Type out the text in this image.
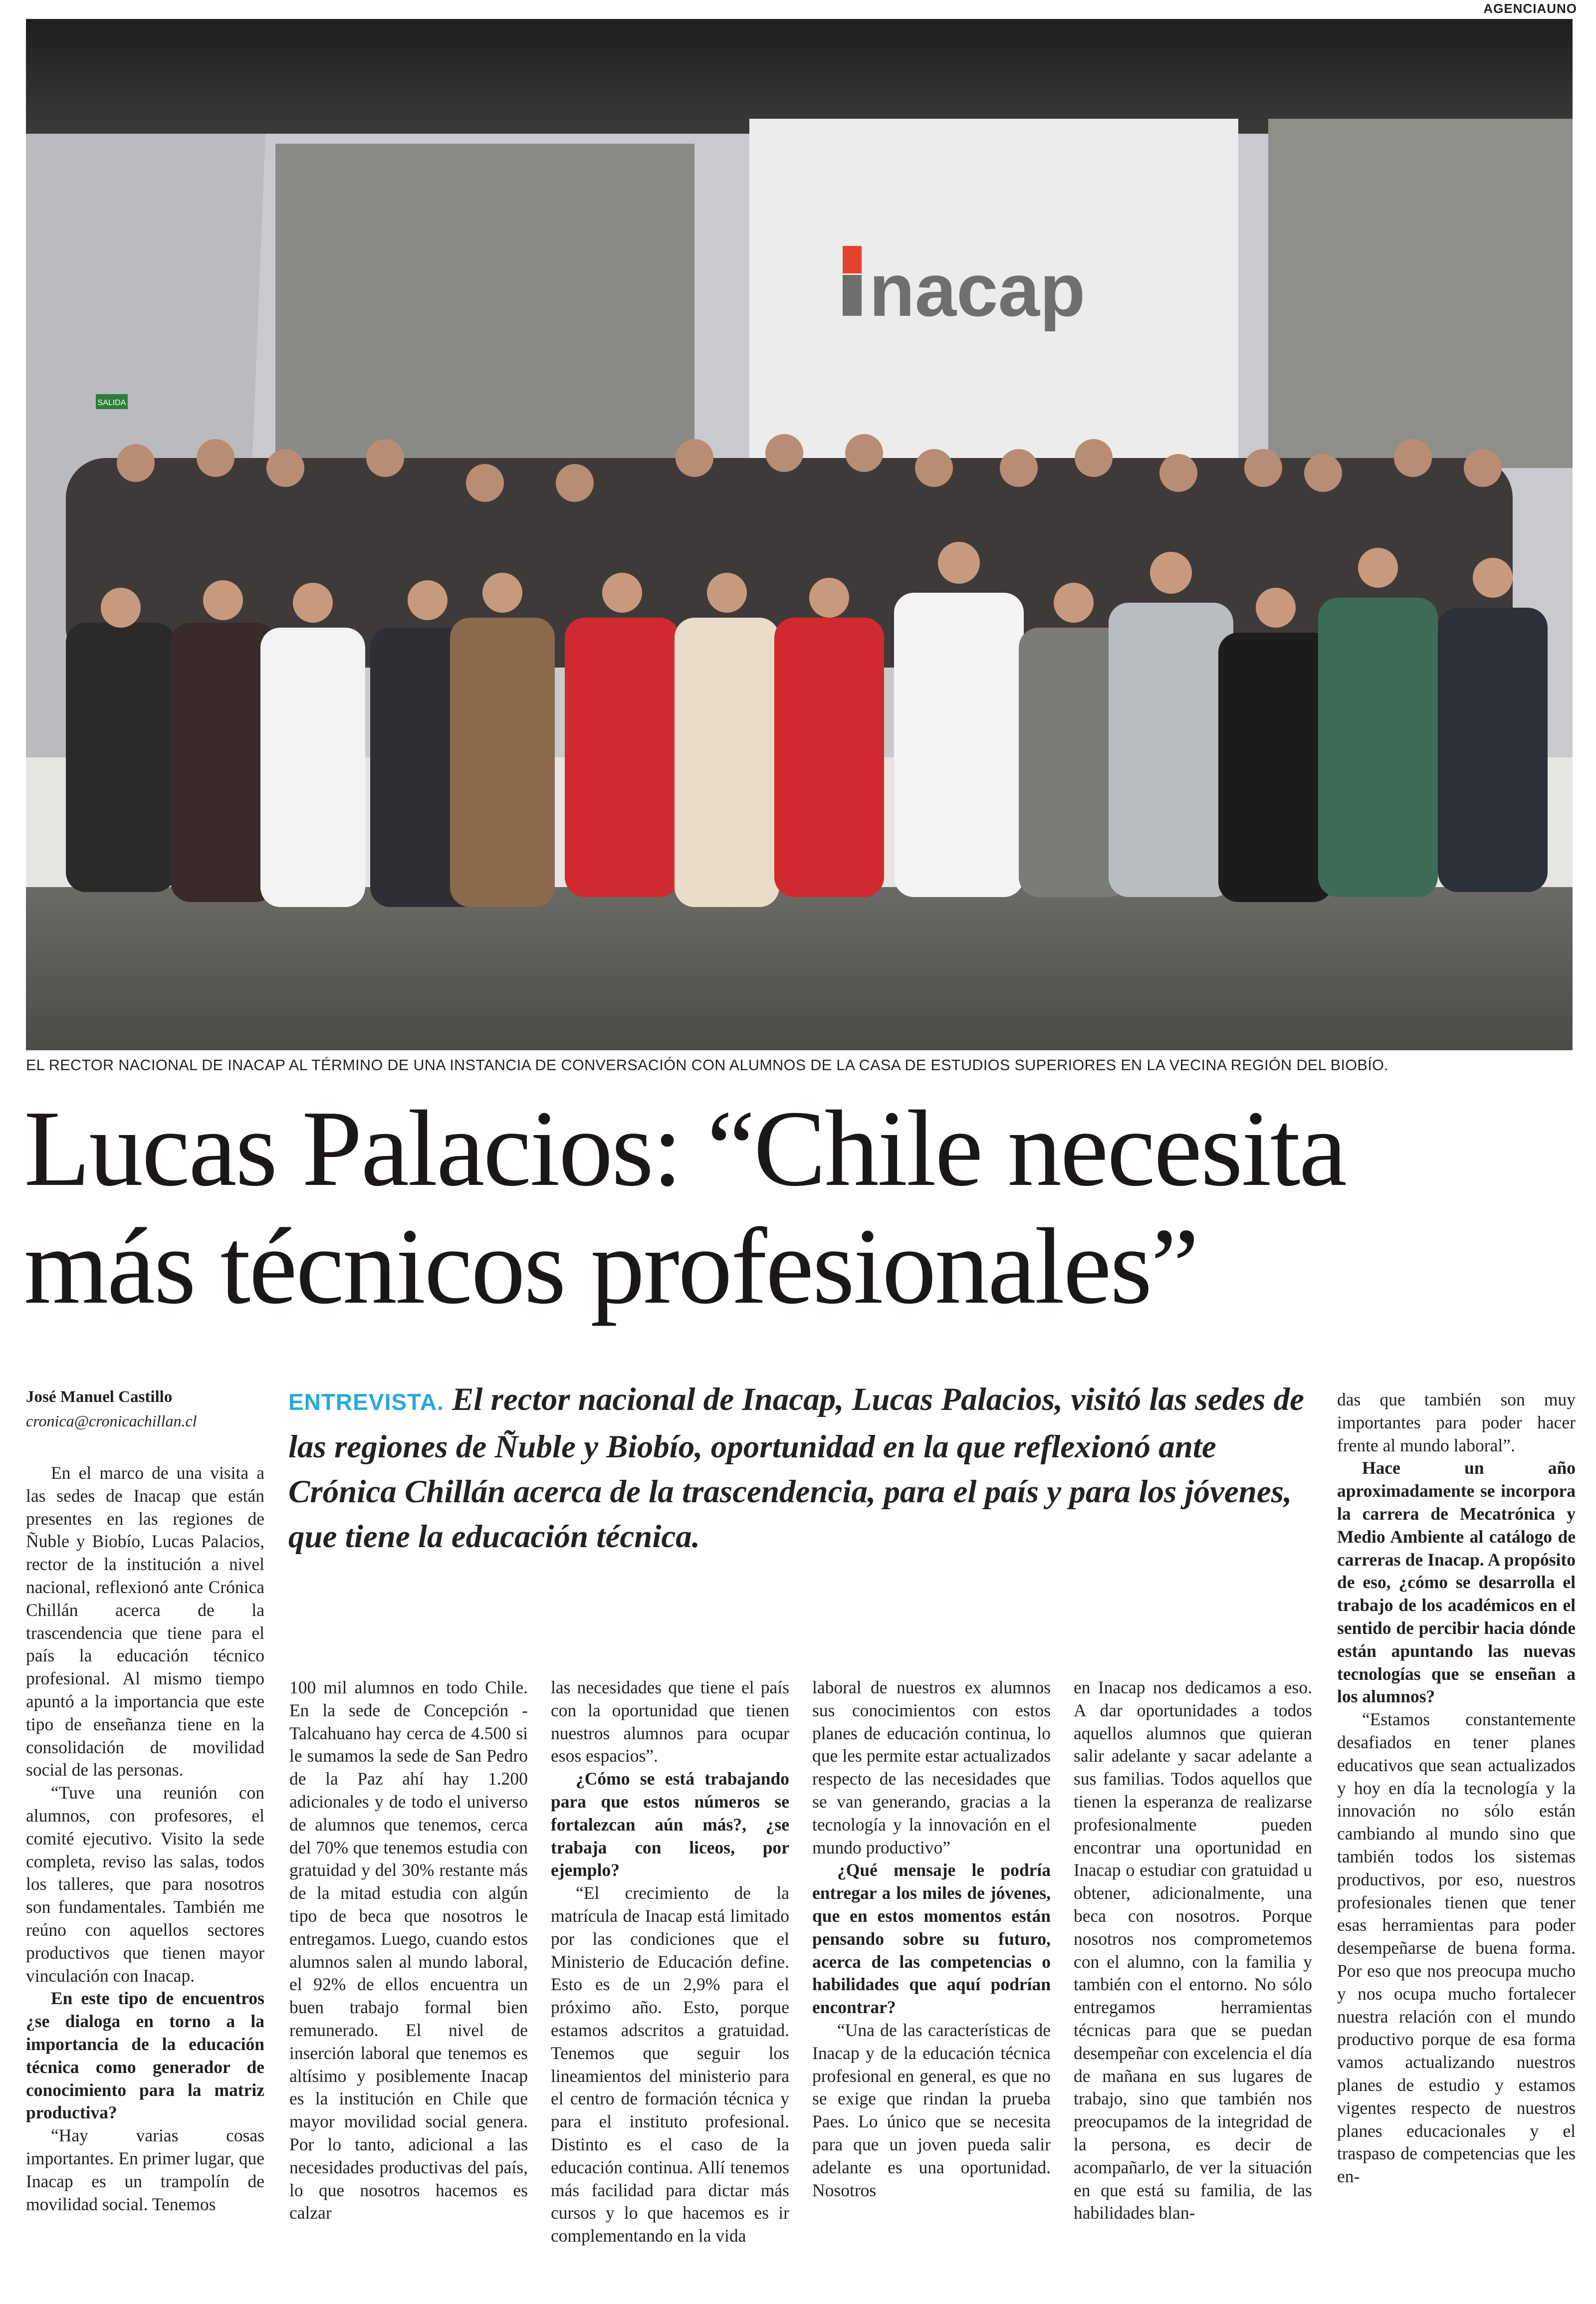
AGENCIAUNO
nacap
SALIDA
EL RECTOR NACIONAL DE INACAP AL TÉRMINO DE UNA INSTANCIA DE CONVERSACIÓN CON ALUMNOS DE LA CASA DE ESTUDIOS SUPERIORES EN LA VECINA REGIÓN DEL BIOBÍO.
Lucas Palacios: “Chile necesita
más técnicos profesionales”
José Manuel Castillo
cronica@cronicachillan.cl
ENTREVISTA. El rector nacional de Inacap, Lucas Palacios, visitó las sedes de las regiones de Ñuble y Biobío, oportunidad en la que reflexionó ante Crónica Chillán acerca de la trascendencia, para el país y para los jóvenes, que tiene la educación técnica.

En el marco de una visita a las sedes de Inacap que están presentes en las regiones de Ñuble y Biobío, Lucas Palacios, rector de la institución a nivel nacional, reflexionó ante Crónica Chillán acerca de la trascendencia que tiene para el país la educación técnico profesional. Al mismo tiempo apuntó a la importancia que este tipo de enseñanza tiene en la consolidación de movilidad social de las personas.

“Tuve una reunión con alumnos, con profesores, el comité ejecutivo. Visito la sede completa, reviso las salas, todos los talleres, que para nosotros son fundamentales. También me reúno con aquellos sectores productivos que tienen mayor vinculación con Inacap.

En este tipo de encuentros ¿se dialoga en torno a la importancia de la educación técnica como generador de conocimiento para la matriz productiva?

“Hay varias cosas importantes. En primer lugar, que Inacap es un trampolín de movilidad social. Tenemos

100 mil alumnos en todo Chile. En la sede de Concepción - Talcahuano hay cerca de 4.500 si le sumamos la sede de San Pedro de la Paz ahí hay 1.200 adicionales y de todo el universo de alumnos que tenemos, cerca del 70% que tenemos estudia con gratuidad y del 30% restante más de la mitad estudia con algún tipo de beca que nosotros le entregamos. Luego, cuando estos alumnos salen al mundo laboral, el 92% de ellos encuentra un buen trabajo formal bien remunerado. El nivel de inserción laboral que tenemos es altísimo y posiblemente Inacap es la institución en Chile que mayor movilidad social genera. Por lo tanto, adicional a las necesidades productivas del país, lo que nosotros hacemos es calzar

las necesidades que tiene el país con la oportunidad que tienen nuestros alumnos para ocupar esos espacios”.

¿Cómo se está trabajando para que estos números se fortalezcan aún más?, ¿se trabaja con liceos, por ejemplo?

“El crecimiento de la matrícula de Inacap está limitado por las condiciones que el Ministerio de Educación define. Esto es de un 2,9% para el próximo año. Esto, porque estamos adscritos a gratuidad. Tenemos que seguir los lineamientos del ministerio para el centro de formación técnica y para el instituto profesional. Distinto es el caso de la educación continua. Allí tenemos más facilidad para dictar más cursos y lo que hacemos es ir complementando en la vida

laboral de nuestros ex alumnos sus conocimientos con estos planes de educación continua, lo que les permite estar actualizados respecto de las necesidades que se van generando, gracias a la tecnología y la innovación en el mundo productivo”

¿Qué mensaje le podría entregar a los miles de jóvenes, que en estos momentos están pensando sobre su futuro, acerca de las competencias o habilidades que aquí podrían encontrar?

“Una de las características de Inacap y de la educación técnica profesional en general, es que no se exige que rindan la prueba Paes. Lo único que se necesita para que un joven pueda salir adelante es una oportunidad. Nosotros

en Inacap nos dedicamos a eso. A dar oportunidades a todos aquellos alumnos que quieran salir adelante y sacar adelante a sus familias. Todos aquellos que tienen la esperanza de realizarse profesionalmente pueden encontrar una oportunidad en Inacap o estudiar con gratuidad u obtener, adicionalmente, una beca con nosotros. Porque nosotros nos comprometemos con el alumno, con la familia y también con el entorno. No sólo entregamos herramientas técnicas para que se puedan desempeñar con excelencia el día de mañana en sus lugares de trabajo, sino que también nos preocupamos de la integridad de la persona, es decir de acompañarlo, de ver la situación en que está su familia, de las habilidades blan-

das que también son muy importantes para poder hacer frente al mundo laboral”.

Hace un año aproximadamente se incorpora la carrera de Mecatrónica y Medio Ambiente al catálogo de carreras de Inacap. A propósito de eso, ¿cómo se desarrolla el trabajo de los académicos en el sentido de percibir hacia dónde están apuntando las nuevas tecnologías que se enseñan a los alumnos?

“Estamos constantemente desafiados en tener planes educativos que sean actualizados y hoy en día la tecnología y la innovación no sólo están cambiando al mundo sino que también todos los sistemas productivos, por eso, nuestros profesionales tienen que tener esas herramientas para poder desempeñarse de buena forma. Por eso que nos preocupa mucho y nos ocupa mucho fortalecer nuestra relación con el mundo productivo porque de esa forma vamos actualizando nuestros planes de estudio y estamos vigentes respecto de nuestros planes educacionales y el traspaso de competencias que les en-
